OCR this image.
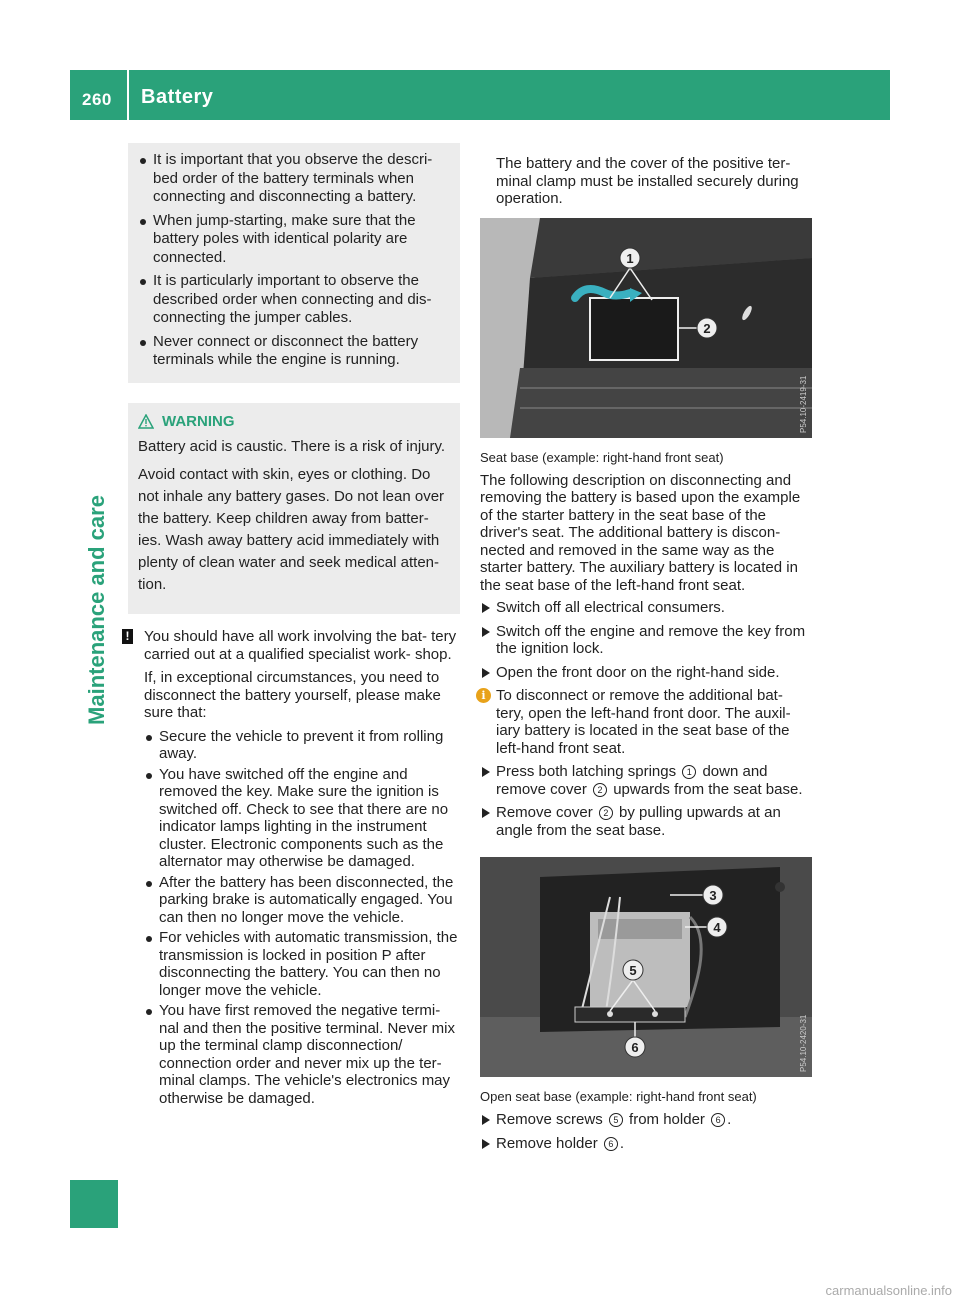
260 Battery
Maintenance and care
It is important that you observe the descri- bed order of the battery terminals when connecting and disconnecting a battery.
When jump-starting, make sure that the battery poles with identical polarity are connected.
It is particularly important to observe the described order when connecting and dis- connecting the jumper cables.
Never connect or disconnect the battery terminals while the engine is running.
WARNING

Battery acid is caustic. There is a risk of injury.

Avoid contact with skin, eyes or clothing. Do not inhale any battery gases. Do not lean over the battery. Keep children away from batter- ies. Wash away battery acid immediately with plenty of clean water and seek medical atten- tion.

! You should have all work involving the bat- tery carried out at a qualified specialist work- shop.

If, in exceptional circumstances, you need to disconnect the battery yourself, please make sure that:

Secure the vehicle to prevent it from rolling away.
You have switched off the engine and removed the key. Make sure the ignition is switched off. Check to see that there are no indicator lamps lighting in the instrument cluster. Electronic components such as the alternator may otherwise be damaged.
After the battery has been disconnected, the parking brake is automatically engaged. You can then no longer move the vehicle.
For vehicles with automatic transmission, the transmission is locked in position P after disconnecting the battery. You can then no longer move the vehicle.
You have first removed the negative termi- nal and then the positive terminal. Never mix up the terminal clamp disconnection/ connection order and never mix up the ter- minal clamps. The vehicle's electronics may otherwise be damaged.

The battery and the cover of the positive ter- minal clamp must be installed securely during operation.

1
2
P54.10-2419-31

Seat base (example: right-hand front seat)

The following description on disconnecting and removing the battery is based upon the example of the starter battery in the seat base of the driver's seat. The additional battery is discon- nected and removed in the same way as the starter battery. The auxiliary battery is located in the seat base of the left-hand front seat.

Switch off all electrical consumers.
Switch off the engine and remove the key from the ignition lock.
Open the front door on the right-hand side.
i To disconnect or remove the additional bat- tery, open the left-hand front door. The auxil- iary battery is located in the seat base of the left-hand front seat.
Press both latching springs 1 down and remove cover 2 upwards from the seat base.
Remove cover 2 by pulling upwards at an angle from the seat base.
3
4
5
6	P54.10-2420-31

Open seat base (example: right-hand front seat)

Remove screws 5 from holder 6 .
Remove holder 6 .
carmanualsonline.info
